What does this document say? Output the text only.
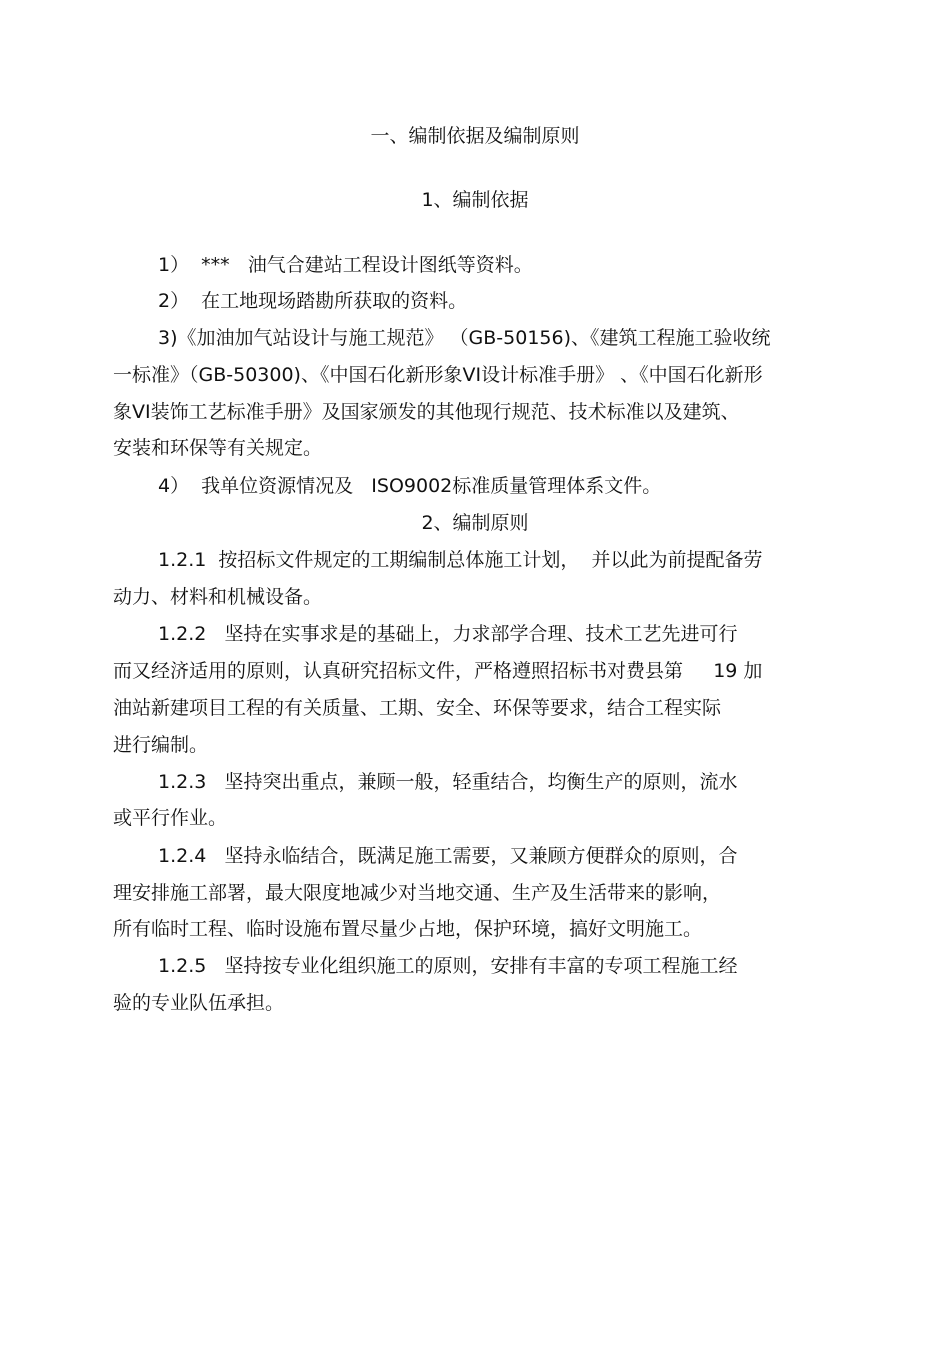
一、编制依据及编制原则
1、编制依据
1）  ***   油气合建站工程设计图纸等资料。
2）  在工地现场踏勘所获取的资料。
3)《加油加气站设计与施工规范》 （GB-50156)、《建筑工程施工验收统
一标准》（GB-50300)、《中国石化新形象VI设计标准手册》 、《中国石化新形
象VI装饰工艺标准手册》及国家颁发的其他现行规范、技术标准以及建筑、
安装和环保等有关规定。
4）  我单位资源情况及   ISO9002标准质量管理体系文件。
2、编制原则
1.2.1  按招标文件规定的工期编制总体施工计划，  并以此为前提配备劳
动力、材料和机械设备。
1.2.2   坚持在实事求是的基础上，力求部学合理、技术工艺先进可行
而又经济适用的原则，认真研究招标文件，严格遵照招标书对费县第     19 加
油站新建项目工程的有关质量、工期、安全、环保等要求，结合工程实际
进行编制。
1.2.3   坚持突出重点，兼顾一般，轻重结合，均衡生产的原则，流水
或平行作业。
1.2.4   坚持永临结合，既满足施工需要，又兼顾方便群众的原则，合
理安排施工部署，最大限度地减少对当地交通、生产及生活带来的影响，
所有临时工程、临时设施布置尽量少占地，保护环境，搞好文明施工。
1.2.5   坚持按专业化组织施工的原则，安排有丰富的专项工程施工经
验的专业队伍承担。
